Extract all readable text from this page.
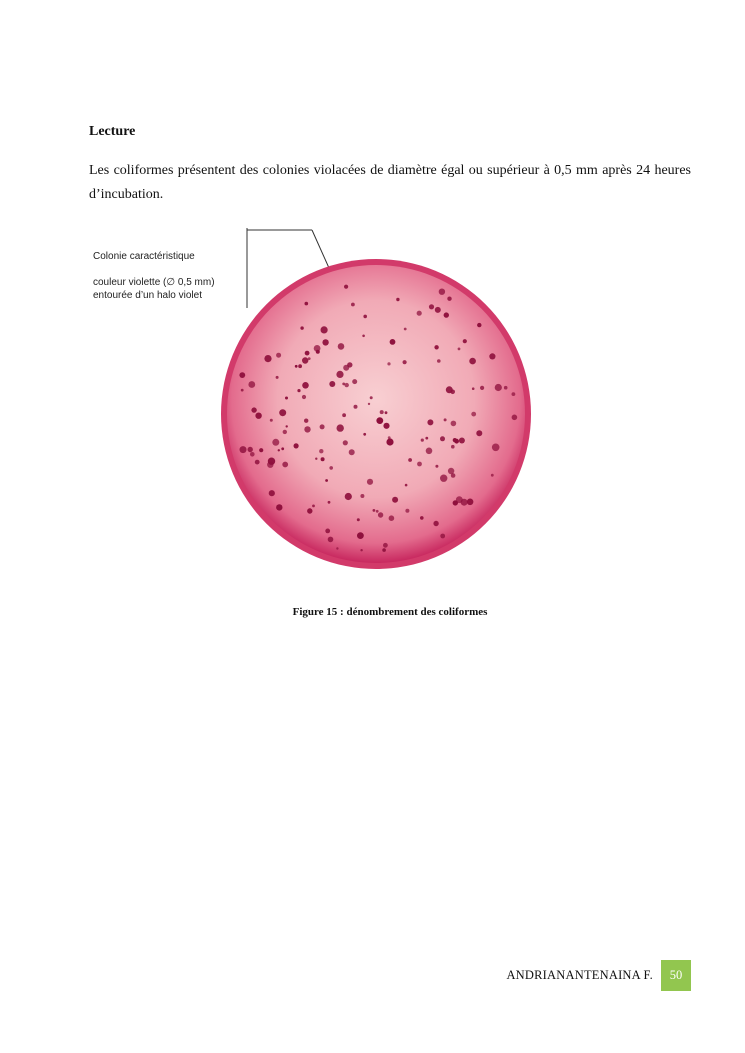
Lecture

Les coliformes présentent des colonies violacées de diamètre égal ou supérieur à 0,5 mm après 24 heures d’incubation.

Colonie caractéristique
couleur violette (∅ 0,5 mm)
entourée d’un halo violet

Figure 15 : dénombrement des coliformes

ANDRIANANTENAINA F.	50
